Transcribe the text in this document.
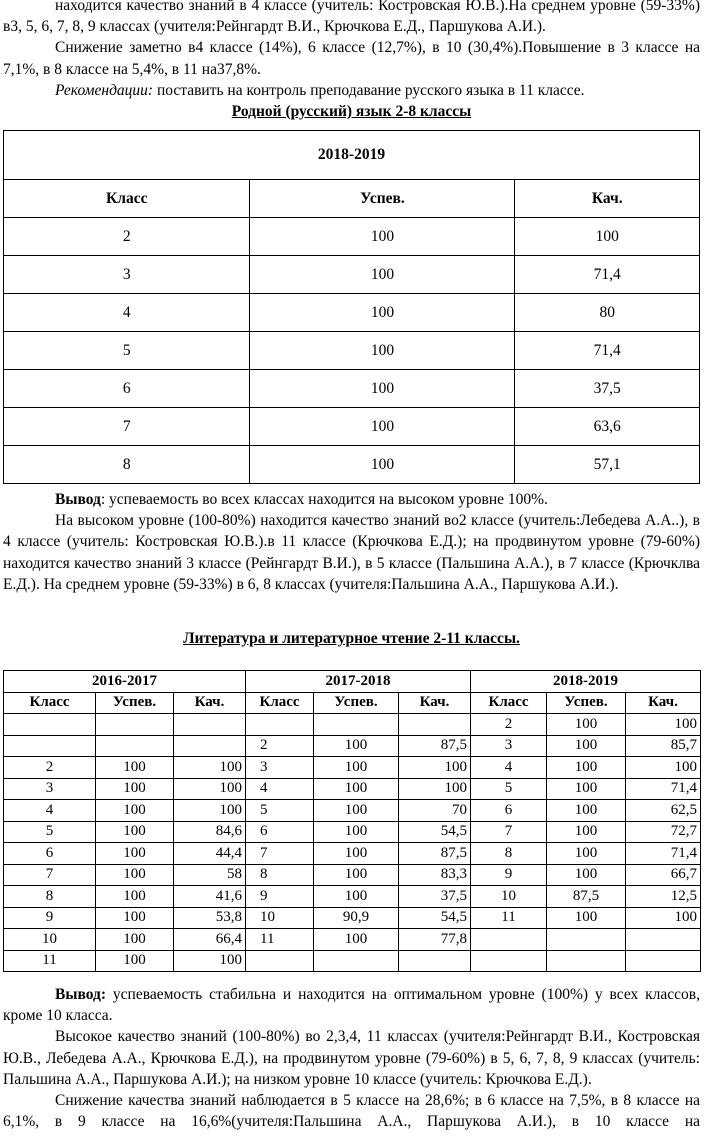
находится качество знаний в 4 классе (учитель: Костровская Ю.В.).На среднем уровне (59-33%) в3, 5, 6, 7, 8, 9 классах (учителя:Рейнгардт В.И., Крючкова Е.Д., Паршукова А.И.).

Снижение заметно в4 классе (14%), 6 классе (12,7%), в 10 (30,4%).Повышение в 3 классе на 7,1%, в 8 классе на 5,4%, в 11 на37,8%.

Рекомендации: поставить на контроль преподавание русского языка в 11 классе.

Родной (русский) язык 2-8 классы

2018-2019		
Класс	Успев.	Кач.
2	100	100
3	100	71,4
4	100	80
5	100	71,4
6	100	37,5
7	100	63,6
8	100	57,1

Вывод: успеваемость во всех классах находится на высоком уровне 100%.

На высоком уровне (100-80%) находится качество знаний во2 классе (учитель:Лебедева А.А..), в 4 классе (учитель: Костровская Ю.В.).в 11 классе (Крючкова Е.Д.); на продвинутом уровне (79-60%) находится качество знаний 3 классе (Рейнгардт В.И.), в 5 классе (Пальшина А.А.), в 7 классе (Крючклва Е.Д.). На среднем уровне (59-33%) в 6, 8 классах (учителя:Пальшина А.А., Паршукова А.И.).

Литература и литературное чтение 2-11 классы.

2016-2017			2017-2018			2018-2019		
Класс	Успев.	Кач.	Класс	Успев.	Кач.	Класс	Успев.	Кач.
						2	100	100
			2	100	87,5	3	100	85,7
2	100	100	3	100	100	4	100	100
3	100	100	4	100	100	5	100	71,4
4	100	100	5	100	70	6	100	62,5
5	100	84,6	6	100	54,5	7	100	72,7
6	100	44,4	7	100	87,5	8	100	71,4
7	100	58	8	100	83,3	9	100	66,7
8	100	41,6	9	100	37,5	10	87,5	12,5
9	100	53,8	10	90,9	54,5	11	100	100
10	100	66,4	11	100	77,8			
11	100	100						

Вывод: успеваемость стабильна и находится на оптимальном уровне (100%) у всех классов, кроме 10 класса.

Высокое качество знаний (100-80%) во 2,3,4, 11 классах (учителя:Рейнгардт В.И., Костровская Ю.В., Лебедева А.А., Крючкова Е.Д.), на продвинутом уровне (79-60%) в 5, 6, 7, 8, 9 классах (учитель: Пальшина А.А., Паршукова А.И.); на низком уровне 10 классе (учитель: Крючкова Е.Д.).

Снижение качества знаний наблюдается в 5 классе на 28,6%; в 6 классе на 7,5%, в 8 классе на 6,1%, в 9 классе на 16,6%(учителя:Пальшина А.А., Паршукова А.И.), в 10 классе на
